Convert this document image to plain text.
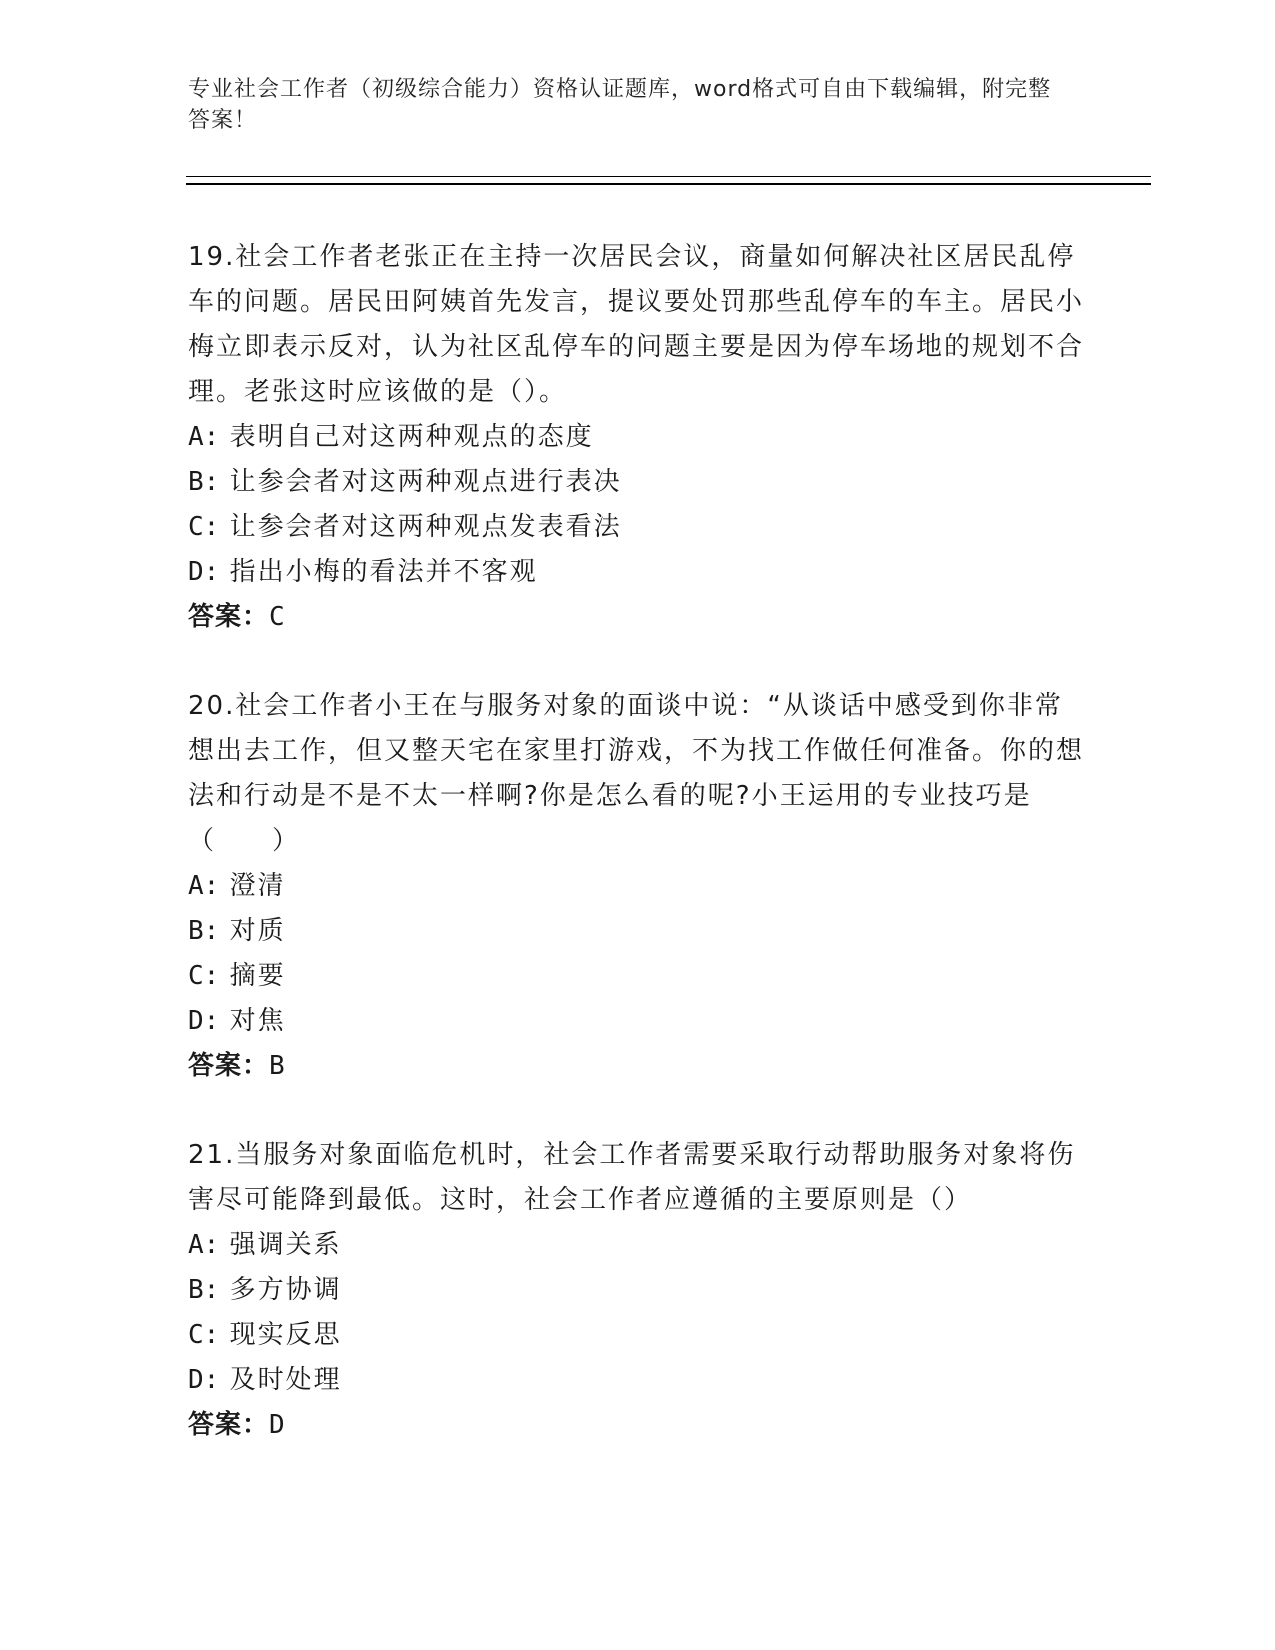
专业社会工作者（初级综合能力）资格认证题库，word格式可自由下载编辑，附完整答案！

19.社会工作者老张正在主持一次居民会议，商量如何解决社区居民乱停车的问题。居民田阿姨首先发言，提议要处罚那些乱停车的车主。居民小梅立即表示反对，认为社区乱停车的问题主要是因为停车场地的规划不合理。老张这时应该做的是（）。

A: 表明自己对这两种观点的态度

B: 让参会者对这两种观点进行表决

C: 让参会者对这两种观点发表看法

D: 指出小梅的看法并不客观

答案：C

20.社会工作者小王在与服务对象的面谈中说：“从谈话中感受到你非常想出去工作，但又整天宅在家里打游戏，不为找工作做任何准备。你的想法和行动是不是不太一样啊?你是怎么看的呢?小王运用的专业技巧是（　　）

A: 澄清

B: 对质

C: 摘要

D: 对焦

答案：B

21.当服务对象面临危机时，社会工作者需要采取行动帮助服务对象将伤害尽可能降到最低。这时，社会工作者应遵循的主要原则是（）

A: 强调关系

B: 多方协调

C: 现实反思

D: 及时处理

答案：D
